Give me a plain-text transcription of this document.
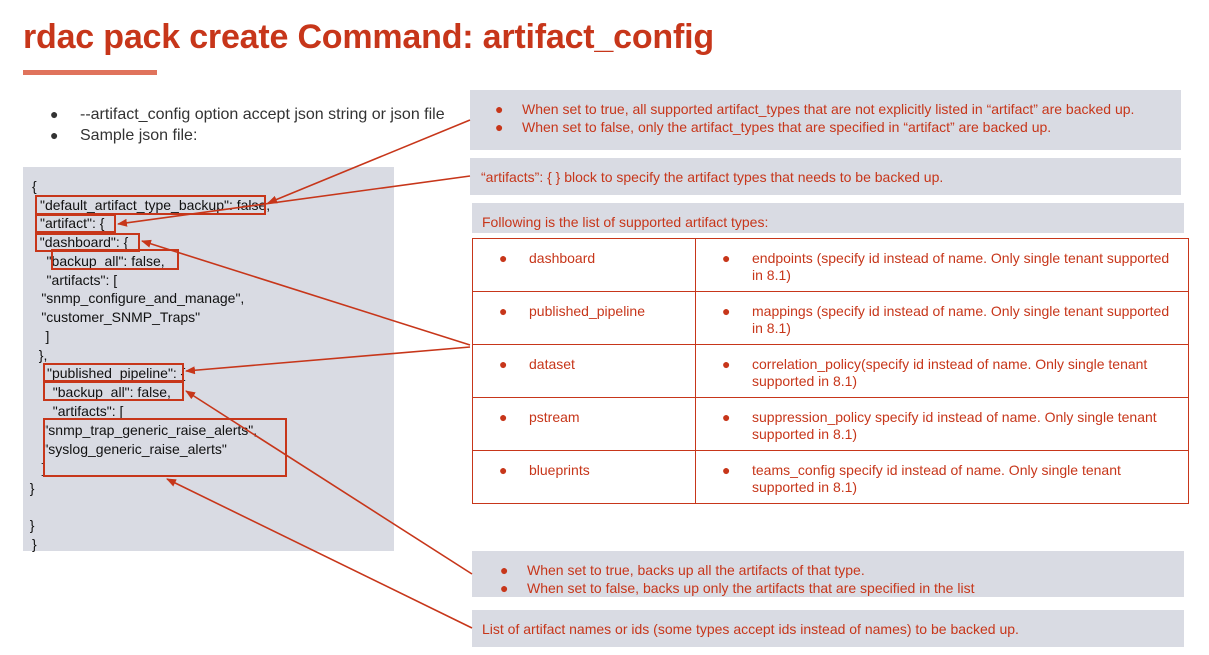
rdac pack create Command: artifact_config
● --artifact_config option accept json string or json file
● Sample json file:
{
"default_artifact_type_backup": false,
"artifact": {
"dashboard": {
"backup_all": false,
"artifacts": [
"snmp_configure_and_manage",
"customer_SNMP_Traps"
]
},
"published_pipeline": {
"backup_all": false,
"artifacts": [
"snmp_trap_generic_raise_alerts",
"syslog_generic_raise_alerts"
]
}
}
}
● When set to true, all supported artifact_types that are not explicitly listed in “artifact” are backed up.
● When set to false, only the artifact_types that are specified in “artifact” are backed up.
“artifacts”: { } block to specify the artifact types that needs to be backed up.
Following is the list of supported artifact types:
● dashboard	● endpoints (specify id instead of name. Only single tenant supported in 8.1)

● published_pipeline	● mappings (specify id instead of name. Only single tenant supported in 8.1)

● dataset	● correlation_policy(specify id instead of name. Only single tenant supported in 8.1)

● pstream	● suppression_policy specify id instead of name. Only single tenant supported in 8.1)

● blueprints	● teams_config specify id instead of name. Only single tenant supported in 8.1)
● When set to true, backs up all the artifacts of that type.
● When set to false, backs up only the artifacts that are specified in the list
List of artifact names or ids (some types accept ids instead of names) to be backed up.
